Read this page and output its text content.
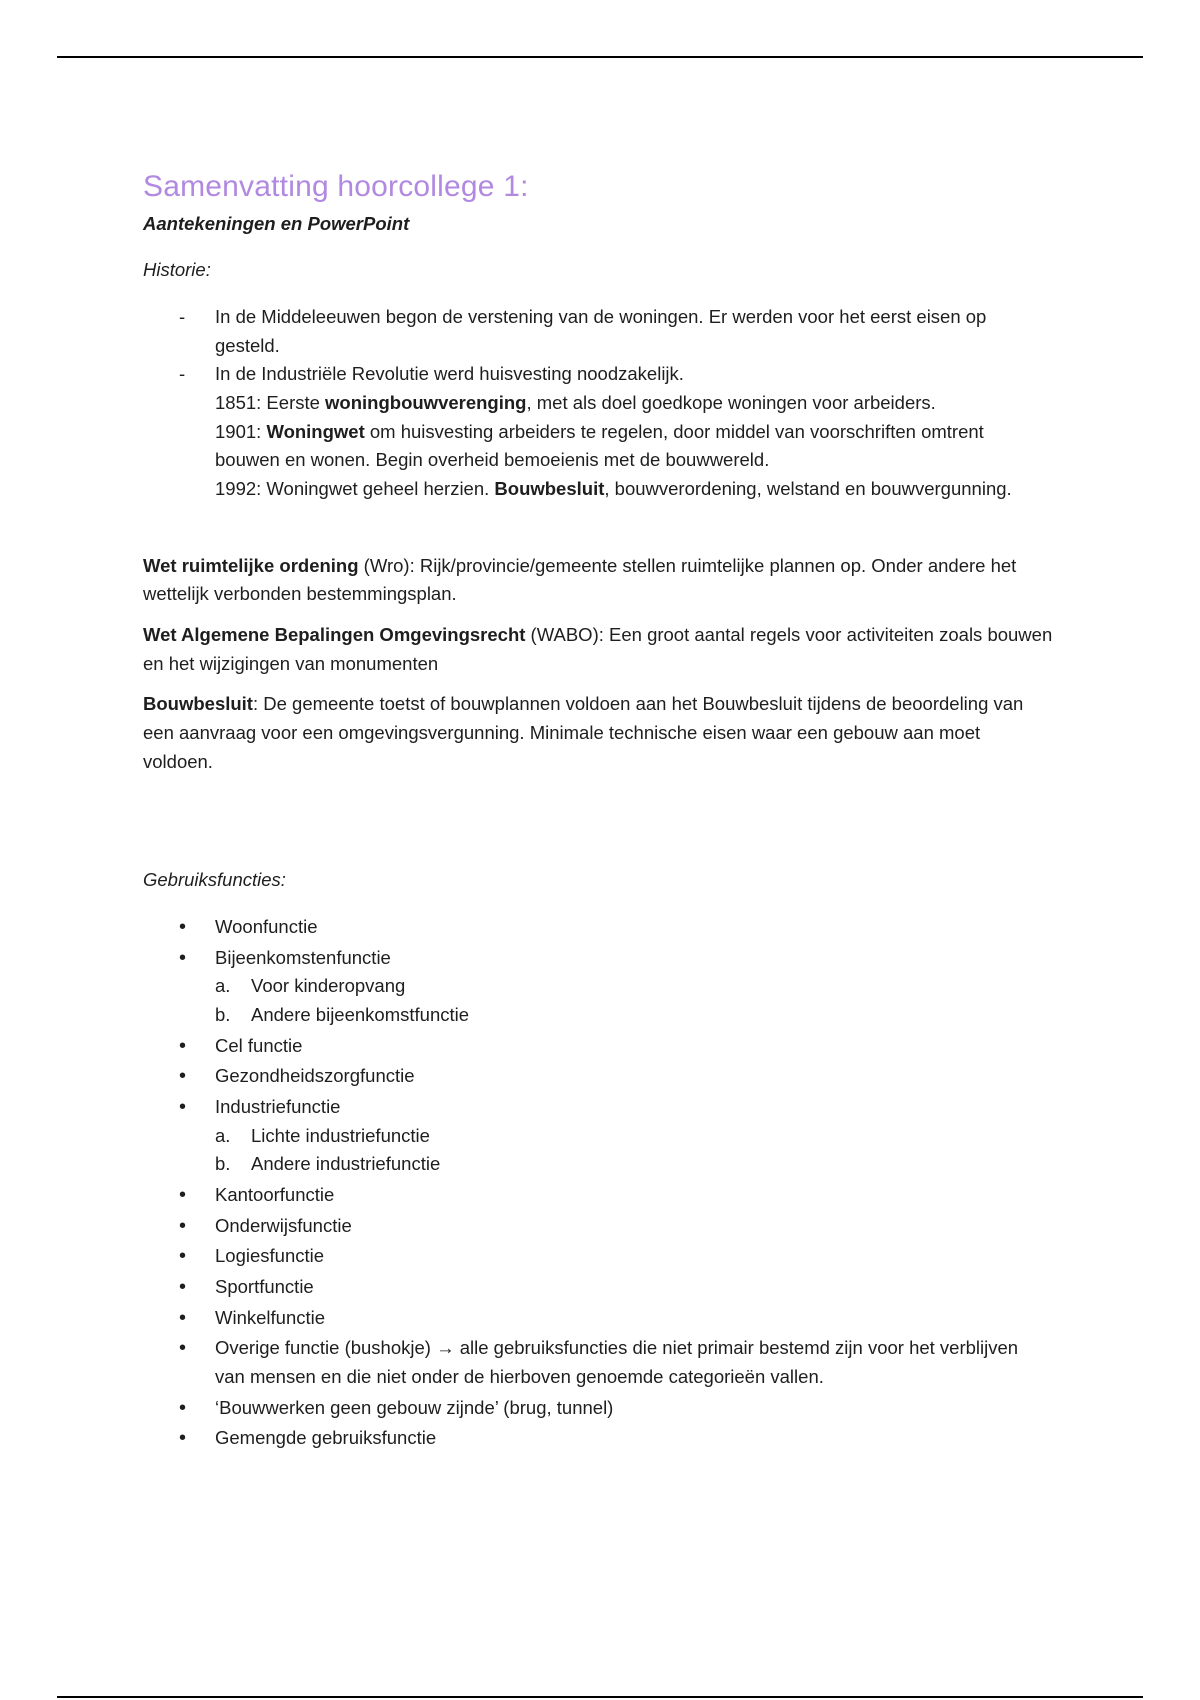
Samenvatting hoorcollege 1:
Aantekeningen en PowerPoint
Historie:
- In de Middeleeuwen begon de verstening van de woningen. Er werden voor het eerst eisen op gesteld.
- In de Industriële Revolutie werd huisvesting noodzakelijk.
1851: Eerste woningbouwverenging, met als doel goedkope woningen voor arbeiders.
1901: Woningwet om huisvesting arbeiders te regelen, door middel van voorschriften omtrent bouwen en wonen. Begin overheid bemoeienis met de bouwwereld.
1992: Woningwet geheel herzien. Bouwbesluit, bouwverordening, welstand en bouwvergunning.

Wet ruimtelijke ordening (Wro): Rijk/provincie/gemeente stellen ruimtelijke plannen op. Onder andere het wettelijk verbonden bestemmingsplan.

Wet Algemene Bepalingen Omgevingsrecht (WABO): Een groot aantal regels voor activiteiten zoals bouwen en het wijzigingen van monumenten

Bouwbesluit: De gemeente toetst of bouwplannen voldoen aan het Bouwbesluit tijdens de beoordeling van een aanvraag voor een omgevingsvergunning. Minimale technische eisen waar een gebouw aan moet voldoen.

Gebruiksfuncties:
• Woonfunctie
• Bijeenkomstenfunctie
a. Voor kinderopvang
b. Andere bijeenkomstfunctie
• Cel functie
• Gezondheidszorgfunctie
• Industriefunctie
a. Lichte industriefunctie
b. Andere industriefunctie
• Kantoorfunctie
• Onderwijsfunctie
• Logiesfunctie
• Sportfunctie
• Winkelfunctie
• Overige functie (bushokje) → alle gebruiksfuncties die niet primair bestemd zijn voor het verblijven van mensen en die niet onder de hierboven genoemde categorieën vallen.
• ‘Bouwwerken geen gebouw zijnde’ (brug, tunnel)
• Gemengde gebruiksfunctie
